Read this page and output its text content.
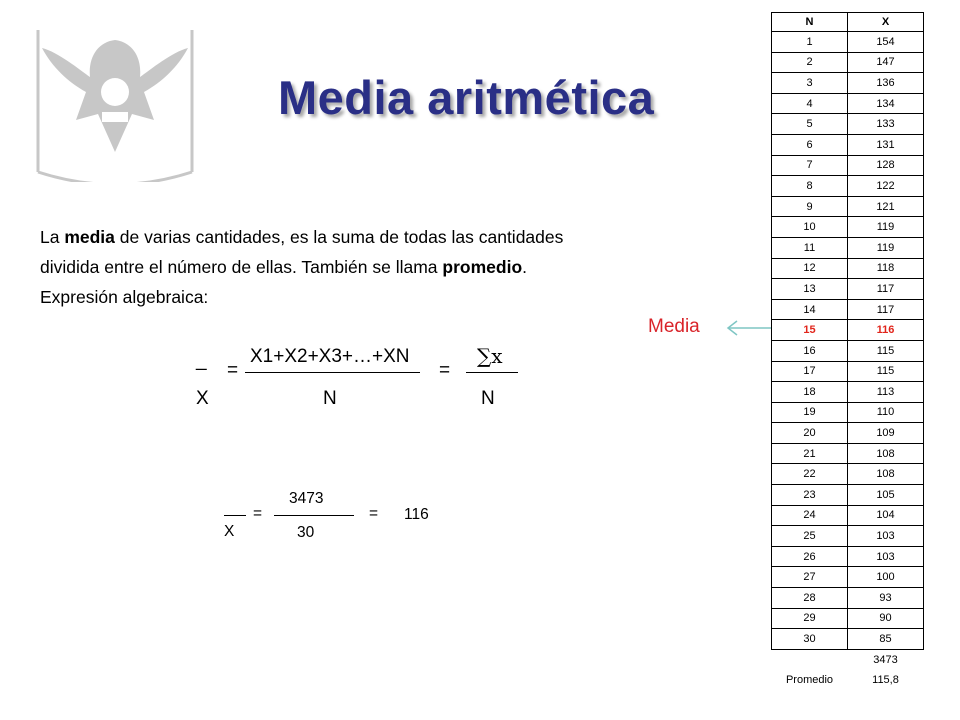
Media aritmética

La media de varias cantidades, es la suma de todas las cantidades

dividida entre el número de ellas. También se llama promedio.

Expresión algebraica:

_
X
=
X1+X2+X3+…+XN
N
=
∑x
N
X
=
3473
30
= 116
Media
N	X
1	154
2	147
3	136
4	134
5	133
6	131
7	128
8	122
9	121
10	119
11	119
12	118
13	117
14	117
15	116
16	115
17	115
18	113
19	110
20	109
21	108
22	108
23	105
24	104
25	103
26	103
27	100
28	93
29	90
30	85
	3473
Promedio	115,8
